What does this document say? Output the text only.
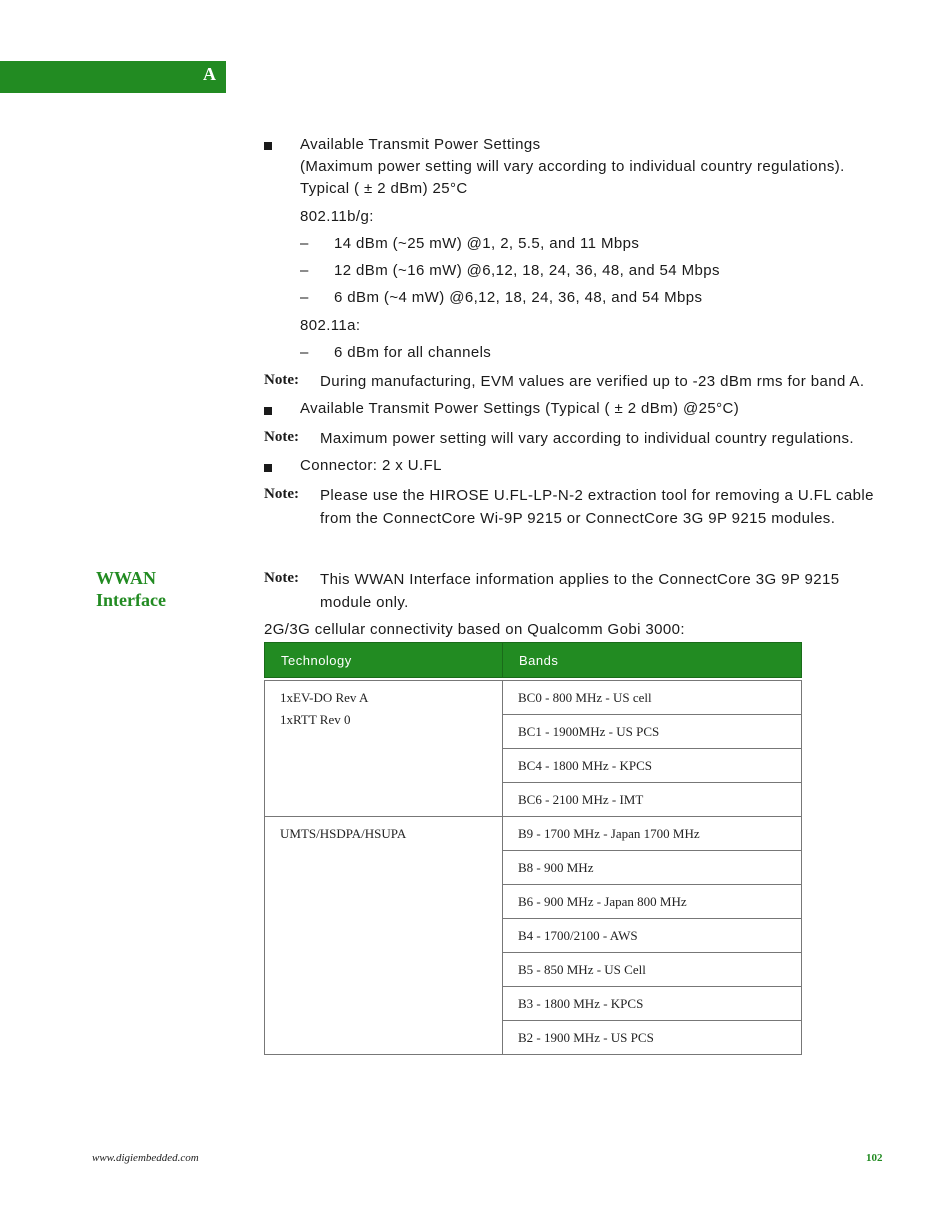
A
Available Transmit Power Settings
(Maximum power setting will vary according to individual country regulations).
Typical ( ± 2 dBm) 25°C
802.11b/g:
– 14 dBm (~25 mW) @1, 2, 5.5, and 11 Mbps
– 12 dBm (~16 mW) @6,12, 18, 24, 36, 48, and 54 Mbps
– 6 dBm (~4 mW) @6,12, 18, 24, 36, 48, and 54 Mbps
802.11a:
– 6 dBm for all channels
Note: During manufacturing, EVM values are verified up to -23 dBm rms for band A.
Available Transmit Power Settings (Typical ( ± 2 dBm) @25°C)
Note: Maximum power setting will vary according to individual country regulations.
Connector: 2 x U.FL
Note: Please use the HIROSE U.FL-LP-N-2 extraction tool for removing a U.FL cable
from the ConnectCore Wi-9P 9215 or ConnectCore 3G 9P 9215 modules.
WWAN
Interface
Note: This WWAN Interface information applies to the ConnectCore 3G 9P 9215
module only.
2G/3G cellular connectivity based on Qualcomm Gobi 3000:
Technology	Bands

1xEV-DO Rev A
1xRTT Rev 0	BC0 - 800 MHz - US cell
	BC1 - 1900MHz - US PCS
	BC4 - 1800 MHz - KPCS
	BC6 - 2100 MHz - IMT

UMTS/HSDPA/HSUPA	B9 - 1700 MHz - Japan 1700 MHz
	B8 - 900 MHz
	B6 - 900 MHz - Japan 800 MHz
	B4 - 1700/2100 - AWS
	B5 - 850 MHz - US Cell
	B3 - 1800 MHz - KPCS
	B2 - 1900 MHz - US PCS
www.digiembedded.com	102
